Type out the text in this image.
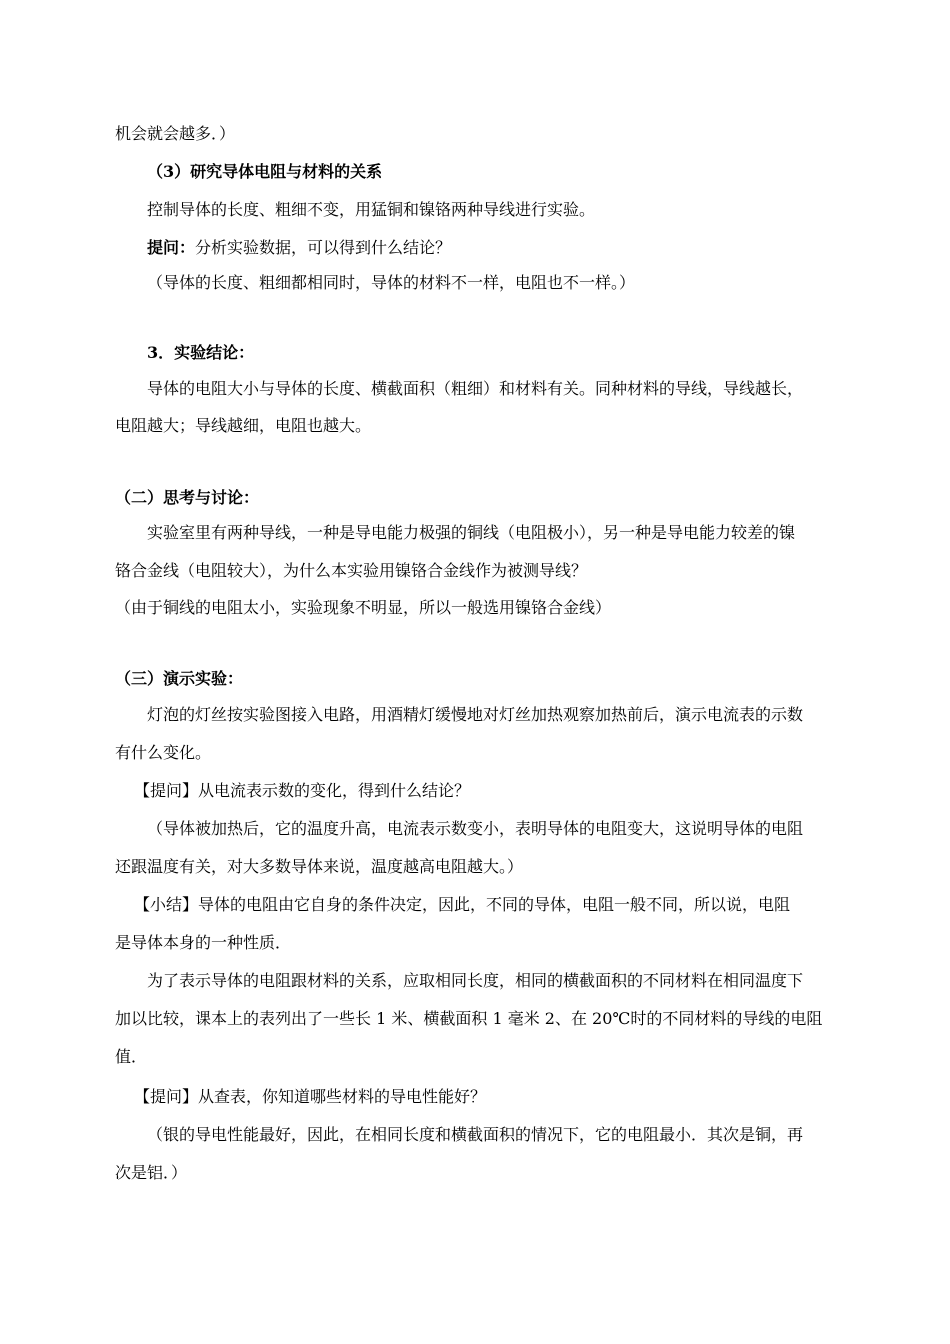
机会就会越多．）
（3）研究导体电阻与材料的关系
控制导体的长度、粗细不变，用猛铜和镍铬两种导线进行实验。
提问：分析实验数据，可以得到什么结论？
（导体的长度、粗细都相同时，导体的材料不一样，电阻也不一样。）
3．实验结论：
导体的电阻大小与导体的长度、横截面积（粗细）和材料有关。同种材料的导线，导线越长，
电阻越大；导线越细，电阻也越大。
（二）思考与讨论：
实验室里有两种导线，一种是导电能力极强的铜线（电阻极小），另一种是导电能力较差的镍
铬合金线（电阻较大），为什么本实验用镍铬合金线作为被测导线？
（由于铜线的电阻太小，实验现象不明显，所以一般选用镍铬合金线）
（三）演示实验：
灯泡的灯丝按实验图接入电路，用酒精灯缓慢地对灯丝加热观察加热前后，演示电流表的示数
有什么变化。
【提问】从电流表示数的变化，得到什么结论？
（导体被加热后，它的温度升高，电流表示数变小，表明导体的电阻变大，这说明导体的电阻
还跟温度有关，对大多数导体来说，温度越高电阻越大。）
【小结】导体的电阻由它自身的条件决定，因此，不同的导体，电阻一般不同，所以说，电阻
是导体本身的一种性质．
为了表示导体的电阻跟材料的关系，应取相同长度，相同的横截面积的不同材料在相同温度下
加以比较，课本上的表列出了一些长 1 米、横截面积 1 毫米 2、在 20℃时的不同材料的导线的电阻
值．
【提问】从查表，你知道哪些材料的导电性能好？
（银的导电性能最好，因此，在相同长度和横截面积的情况下，它的电阻最小．其次是铜，再
次是铝．）
